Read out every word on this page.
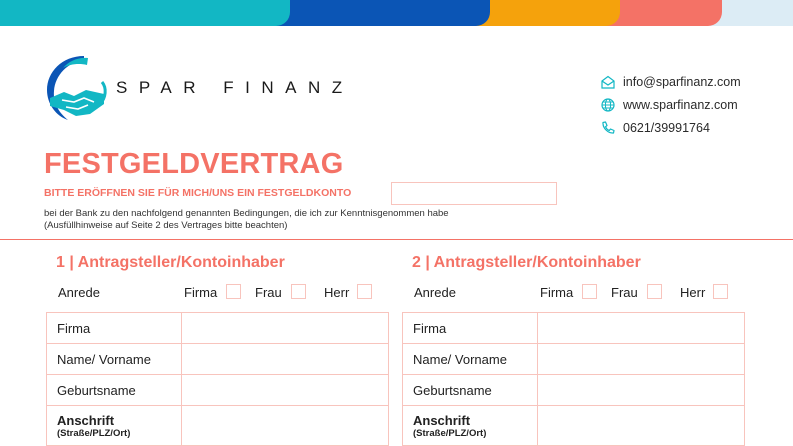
SPAR FINANZ	info@sparfinanz.com
www.sparfinanz.com
0621/39991764
FESTGELDVERTRAG
BITTE ERÖFFNEN SIE FÜR MICH/UNS EIN FESTGELDKONTO
bei der Bank zu den nachfolgend genannten Bedingungen, die ich zur Kenntnisgenommen habe
(Ausfüllhinweise auf Seite 2 des Vertrages bitte beachten)
1 | Antragsteller/Kontoinhaber
Anrede	Firma	Frau	Herr
Firma
Name/ Vorname
Geburtsname
Anschrift
(Straße/PLZ/Ort)
2 | Antragsteller/Kontoinhaber
Anrede	Firma	Frau	Herr
Firma
Name/ Vorname
Geburtsname
Anschrift
(Straße/PLZ/Ort)
